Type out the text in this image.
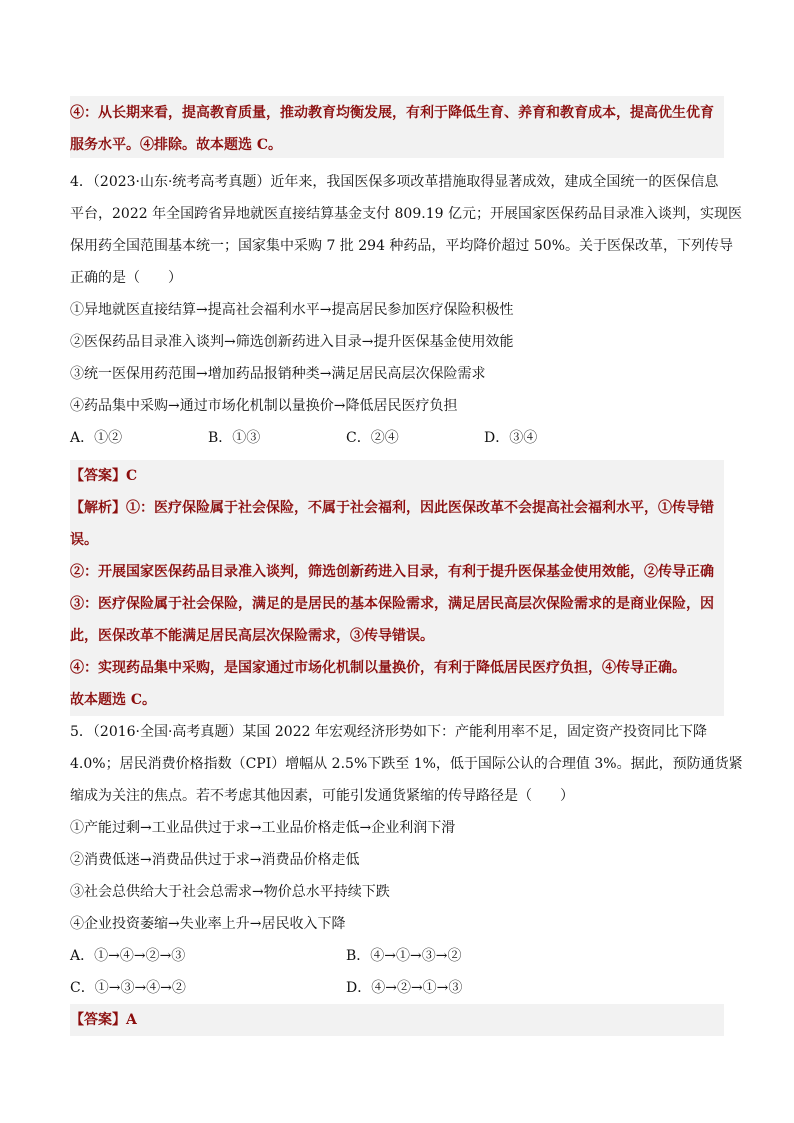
④：从长期来看，提高教育质量，推动教育均衡发展，有利于降低生育、养育和教育成本，提高优生优育
服务水平。④排除。故本题选 C。
4．（2023·山东·统考高考真题）近年来，我国医保多项改革措施取得显著成效，建成全国统一的医保信息
平台，2022 年全国跨省异地就医直接结算基金支付 809.19 亿元；开展国家医保药品目录准入谈判，实现医
保用药全国范围基本统一；国家集中采购 7 批 294 种药品，平均降价超过 50%。关于医保改革，下列传导
正确的是（　　）
①异地就医直接结算→提高社会福利水平→提高居民参加医疗保险积极性
②医保药品目录准入谈判→筛选创新药进入目录→提升医保基金使用效能
③统一医保用药范围→增加药品报销种类→满足居民高层次保险需求
④药品集中采购→通过市场化机制以量换价→降低居民医疗负担
A．①②	B．①③	C．②④	D．③④
【答案】C
【解析】①：医疗保险属于社会保险，不属于社会福利，因此医保改革不会提高社会福利水平，①传导错
误。
②：开展国家医保药品目录准入谈判，筛选创新药进入目录，有利于提升医保基金使用效能，②传导正确
③：医疗保险属于社会保险，满足的是居民的基本保险需求，满足居民高层次保险需求的是商业保险，因
此，医保改革不能满足居民高层次保险需求，③传导错误。
④：实现药品集中采购，是国家通过市场化机制以量换价，有利于降低居民医疗负担，④传导正确。
故本题选 C。
5．（2016·全国·高考真题）某国 2022 年宏观经济形势如下：产能利用率不足，固定资产投资同比下降
4.0%；居民消费价格指数（CPI）增幅从 2.5%下跌至 1%，低于国际公认的合理值 3%。据此，预防通货紧
缩成为关注的焦点。若不考虑其他因素，可能引发通货紧缩的传导路径是（　　）
①产能过剩→工业品供过于求→工业品价格走低→企业利润下滑
②消费低迷→消费品供过于求→消费品价格走低
③社会总供给大于社会总需求→物价总水平持续下跌
④企业投资萎缩→失业率上升→居民收入下降
A．①→④→②→③	B．④→①→③→②
C．①→③→④→②	D．④→②→①→③
【答案】A
